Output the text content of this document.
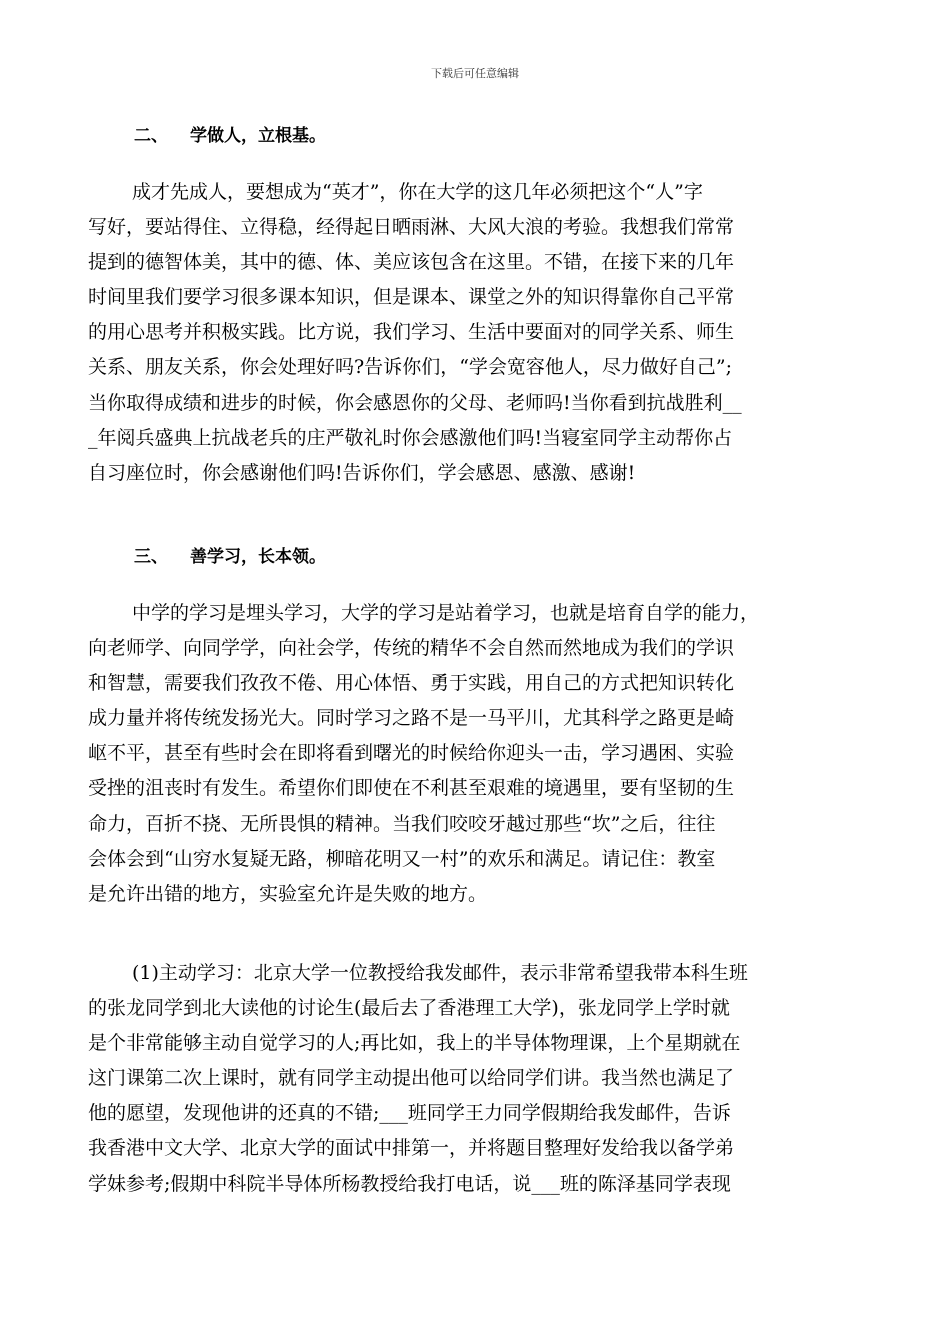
下载后可任意编辑
二、 学做人，立根基。
成才先成人，要想成为“英才”，你在大学的这几年必须把这个“人”字
写好，要站得住、立得稳，经得起日晒雨淋、大风大浪的考验。我想我们常常
提到的德智体美，其中的德、体、美应该包含在这里。不错，在接下来的几年
时间里我们要学习很多课本知识，但是课本、课堂之外的知识得靠你自己平常
的用心思考并积极实践。比方说，我们学习、生活中要面对的同学关系、师生
关系、朋友关系，你会处理好吗?告诉你们，“学会宽容他人，尽力做好自己”;
当你取得成绩和进步的时候，你会感恩你的父母、老师吗!当你看到抗战胜利__
_年阅兵盛典上抗战老兵的庄严敬礼时你会感激他们吗!当寝室同学主动帮你占
自习座位时，你会感谢他们吗!告诉你们，学会感恩、感激、感谢!
三、 善学习，长本领。
中学的学习是埋头学习，大学的学习是站着学习，也就是培育自学的能力，
向老师学、向同学学，向社会学，传统的精华不会自然而然地成为我们的学识
和智慧，需要我们孜孜不倦、用心体悟、勇于实践，用自己的方式把知识转化
成力量并将传统发扬光大。同时学习之路不是一马平川，尤其科学之路更是崎
岖不平，甚至有些时会在即将看到曙光的时候给你迎头一击，学习遇困、实验
受挫的沮丧时有发生。希望你们即使在不利甚至艰难的境遇里，要有坚韧的生
命力，百折不挠、无所畏惧的精神。当我们咬咬牙越过那些“坎”之后，往往
会体会到“山穷水复疑无路，柳暗花明又一村”的欢乐和满足。请记住：教室
是允许出错的地方，实验室允许是失败的地方。
(1)主动学习：北京大学一位教授给我发邮件，表示非常希望我带本科生班
的张龙同学到北大读他的讨论生(最后去了香港理工大学)，张龙同学上学时就
是个非常能够主动自觉学习的人;再比如，我上的半导体物理课，上个星期就在
这门课第二次上课时，就有同学主动提出他可以给同学们讲。我当然也满足了
他的愿望，发现他讲的还真的不错;___班同学王力同学假期给我发邮件，告诉
我香港中文大学、北京大学的面试中排第一，并将题目整理好发给我以备学弟
学妹参考;假期中科院半导体所杨教授给我打电话，说___班的陈泽基同学表现
